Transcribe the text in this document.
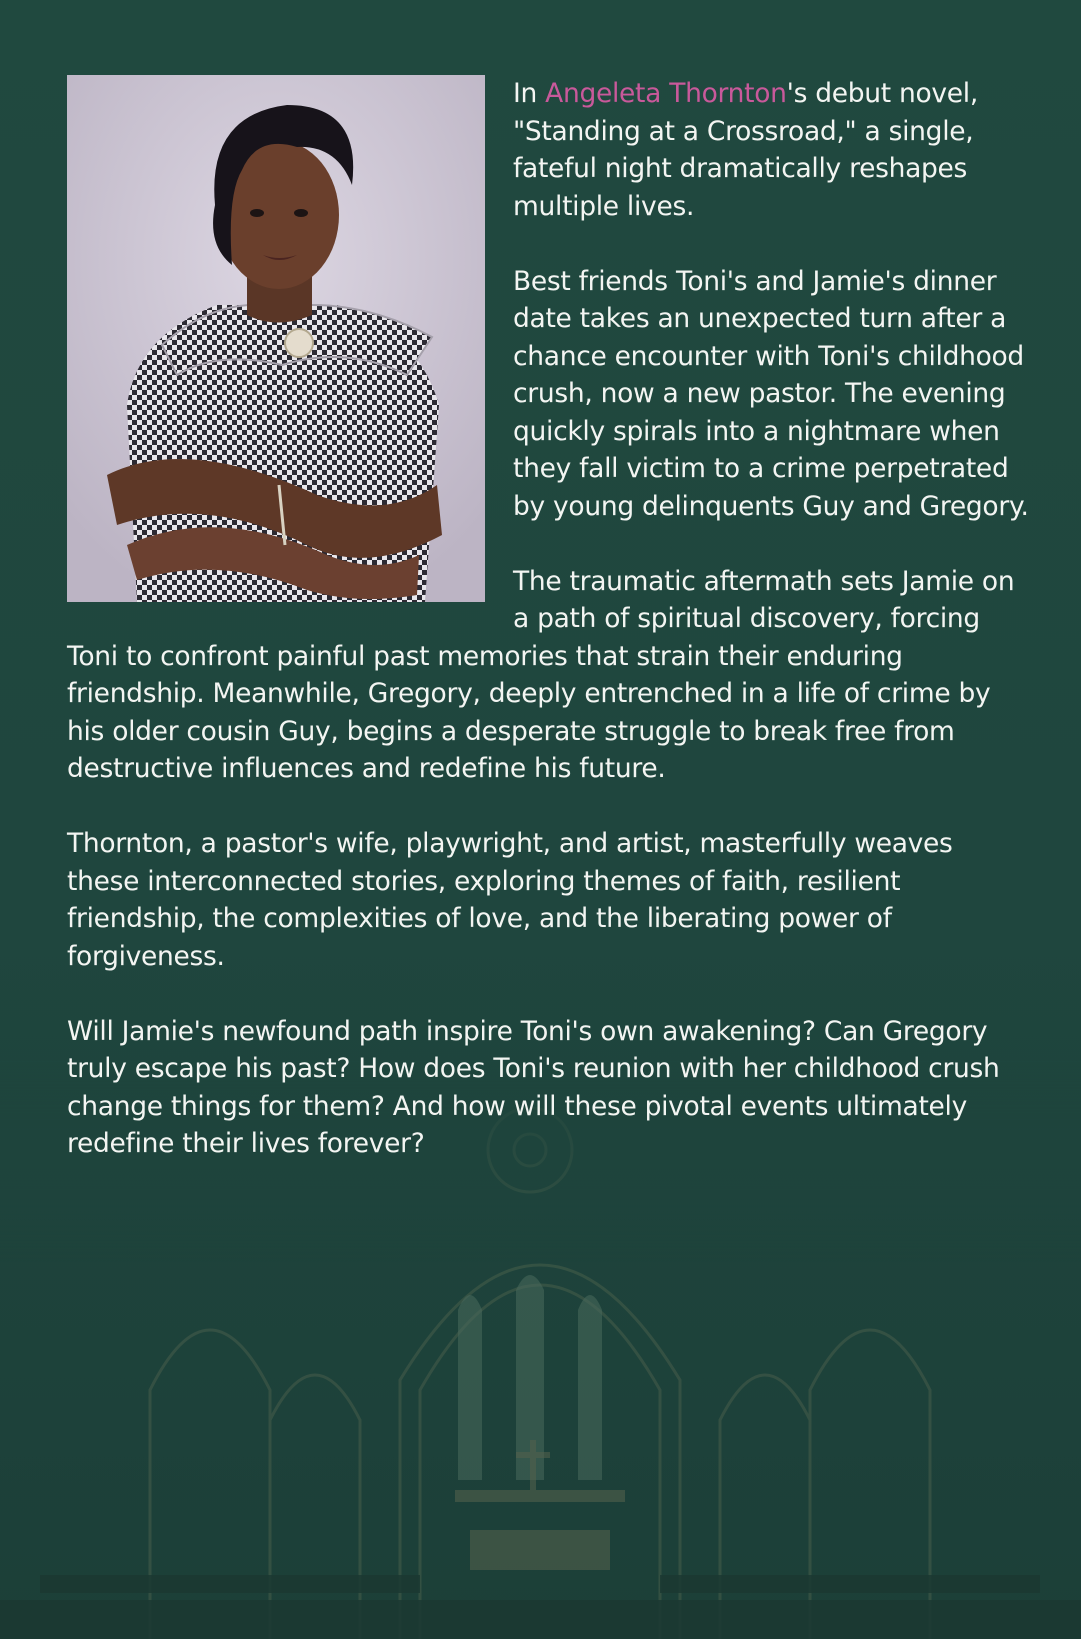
In Angeleta Thornton's debut novel, "Standing at a Crossroad," a single, fateful night dramatically reshapes multiple lives.

Best friends Toni's and Jamie's dinner date takes an unexpected turn after a chance encounter with Toni's childhood crush, now a new pastor. The evening quickly spirals into a nightmare when they fall victim to a crime perpetrated by young delinquents Guy and Gregory.

The traumatic aftermath sets Jamie on a path of spiritual discovery, forcing Toni to confront painful past memories that strain their enduring friendship. Meanwhile, Gregory, deeply entrenched in a life of crime by his older cousin Guy, begins a desperate struggle to break free from destructive influences and redefine his future.

Thornton, a pastor's wife, playwright, and artist, masterfully weaves these interconnected stories, exploring themes of faith, resilient friendship, the complexities of love, and the liberating power of forgiveness.

Will Jamie's newfound path inspire Toni's own awakening? Can Gregory truly escape his past? How does Toni's reunion with her childhood crush change things for them? And how will these pivotal events ultimately redefine their lives forever?
